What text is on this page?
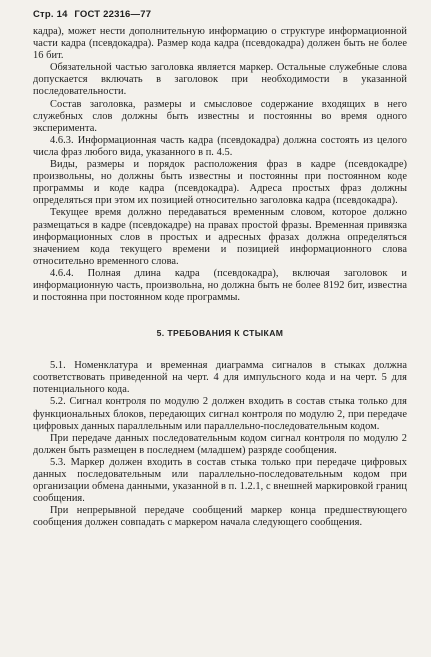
Стр. 14 ГОСТ 22316—77

кадра), может нести дополнительную информацию о структуре информационной части кадра (псевдокадра). Размер кода кадра (псевдокадра) должен быть не более 16 бит.

Обязательной частью заголовка является маркер. Остальные служебные слова допускается включать в заголовок при необходимости в указанной последовательности.

Состав заголовка, размеры и смысловое содержание входящих в него служебных слов должны быть известны и постоянны во время одного эксперимента.

4.6.3. Информационная часть кадра (псевдокадра) должна состоять из целого числа фраз любого вида, указанного в п. 4.5.

Виды, размеры и порядок расположения фраз в кадре (псевдокадре) произвольны, но должны быть известны и постоянны при постоянном коде программы и коде кадра (псевдокадра). Адреса простых фраз должны определяться при этом их позицией относительно заголовка кадра (псевдокадра).

Текущее время должно передаваться временным словом, которое должно размещаться в кадре (псевдокадре) на правах простой фразы. Временная привязка информационных слов в простых и адресных фразах должна определяться значением кода текущего времени и позицией информационного слова относительно временного слова.

4.6.4. Полная длина кадра (псевдокадра), включая заголовок и информационную часть, произвольна, но должна быть не более 8192 бит, известна и постоянна при постоянном коде программы.

5. ТРЕБОВАНИЯ К СТЫКАМ

5.1. Номенклатура и временная диаграмма сигналов в стыках должна соответствовать приведенной на черт. 4 для импульсного кода и на черт. 5 для потенциального кода.

5.2. Сигнал контроля по модулю 2 должен входить в состав стыка только для функциональных блоков, передающих сигнал контроля по модулю 2, при передаче цифровых данных параллельным или параллельно-последовательным кодом.

При передаче данных последовательным кодом сигнал контроля по модулю 2 должен быть размещен в последнем (младшем) разряде сообщения.

5.3. Маркер должен входить в состав стыка только при передаче цифровых данных последовательным или параллельно-последовательным кодом при организации обмена данными, указанной в п. 1.2.1, с внешней маркировкой границ сообщения.

При непрерывной передаче сообщений маркер конца предшествующего сообщения должен совпадать с маркером начала следующего сообщения.
